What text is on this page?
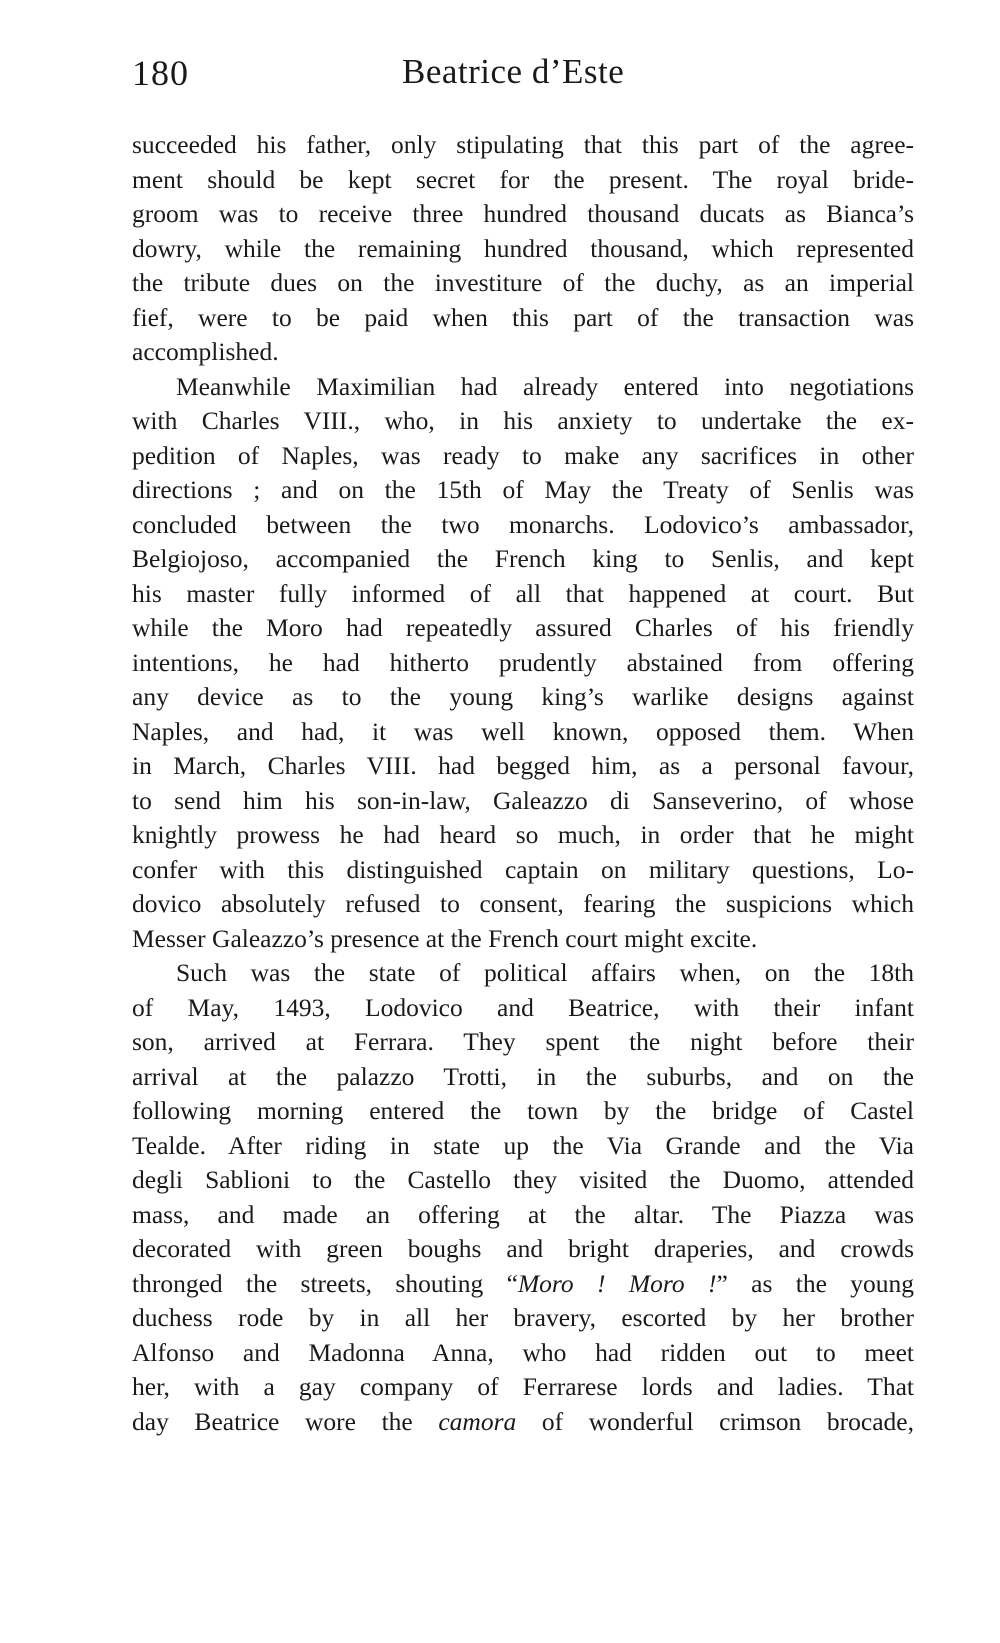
180	Beatrice d’Este
succeeded his father, only stipulating that this part of the agree-
ment should be kept secret for the present. The royal bride-
groom was to receive three hundred thousand ducats as Bianca’s
dowry, while the remaining hundred thousand, which represented
the tribute dues on the investiture of the duchy, as an imperial
fief, were to be paid when this part of the transaction was
accomplished.
Meanwhile Maximilian had already entered into negotiations
with Charles VIII., who, in his anxiety to undertake the ex-
pedition of Naples, was ready to make any sacrifices in other
directions ; and on the 15th of May the Treaty of Senlis was
concluded between the two monarchs. Lodovico’s ambassador,
Belgiojoso, accompanied the French king to Senlis, and kept
his master fully informed of all that happened at court. But
while the Moro had repeatedly assured Charles of his friendly
intentions, he had hitherto prudently abstained from offering
any device as to the young king’s warlike designs against
Naples, and had, it was well known, opposed them. When
in March, Charles VIII. had begged him, as a personal favour,
to send him his son-in-law, Galeazzo di Sanseverino, of whose
knightly prowess he had heard so much, in order that he might
confer with this distinguished captain on military questions, Lo-
dovico absolutely refused to consent, fearing the suspicions which
Messer Galeazzo’s presence at the French court might excite.
Such was the state of political affairs when, on the 18th
of May, 1493, Lodovico and Beatrice, with their infant
son, arrived at Ferrara. They spent the night before their
arrival at the palazzo Trotti, in the suburbs, and on the
following morning entered the town by the bridge of Castel
Tealde. After riding in state up the Via Grande and the Via
degli Sablioni to the Castello they visited the Duomo, attended
mass, and made an offering at the altar. The Piazza was
decorated with green boughs and bright draperies, and crowds
thronged the streets, shouting “Moro ! Moro !” as the young
duchess rode by in all her bravery, escorted by her brother
Alfonso and Madonna Anna, who had ridden out to meet
her, with a gay company of Ferrarese lords and ladies. That
day Beatrice wore the camora of wonderful crimson brocade,
